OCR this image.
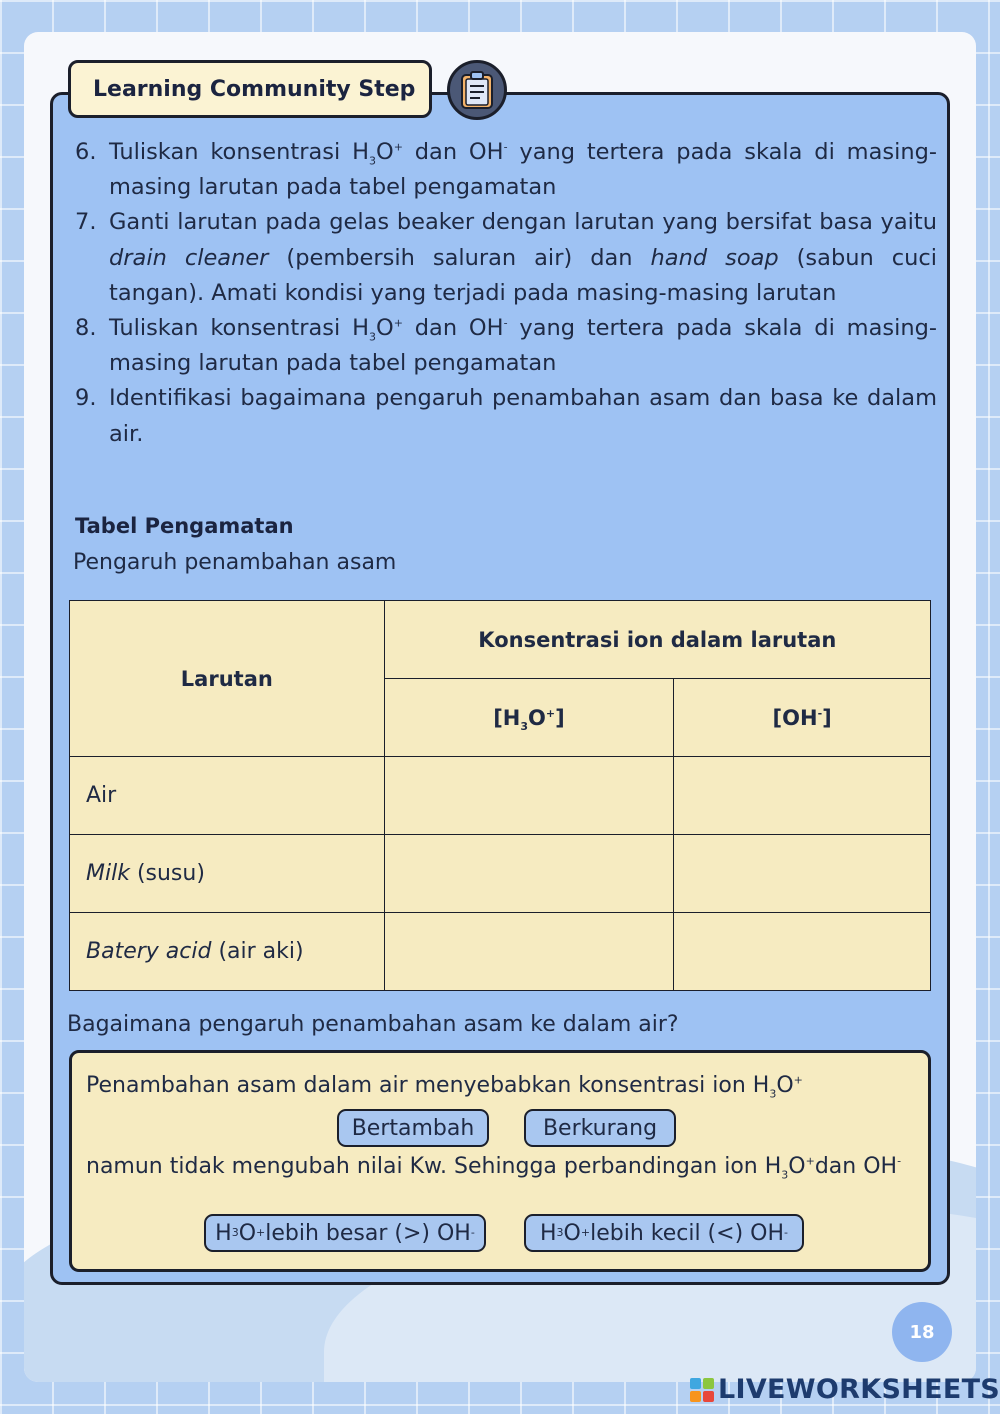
Learning Community Step
6. Tuliskan konsentrasi $H_3O^+$ dan OH- yang tertera pada skala di masing-masing larutan pada tabel pengamatan
7. Ganti larutan pada gelas beaker dengan larutan yang bersifat basa yaitu drain cleaner (pembersih saluran air) dan hand soap (sabun cuci tangan). Amati kondisi yang terjadi pada masing-masing larutan
8. Tuliskan konsentrasi $H_3O^+$ dan OH- yang tertera pada skala di masing-masing larutan pada tabel pengamatan
9. Identifikasi bagaimana pengaruh penambahan asam dan basa ke dalam air.
Tabel Pengamatan
Pengaruh penambahan asam
Larutan	Konsentrasi ion dalam larutan	
	$[H_3O^+]$	[OH-]
Air		
Milk (susu)		
Batery acid (air aki)		
Bagaimana pengaruh penambahan asam ke dalam air?
Penambahan asam dalam air menyebabkan konsentrasi ion $H_3O^+$
Bertambah	Berkurang
namun tidak mengubah nilai Kw. Sehingga perbandingan ion $H_3O^+dan$ OH-
H 3 O + lebih besar (>) OH -	H 3 O + lebih kecil (<) OH -
18
LIVEWORKSHEETS
